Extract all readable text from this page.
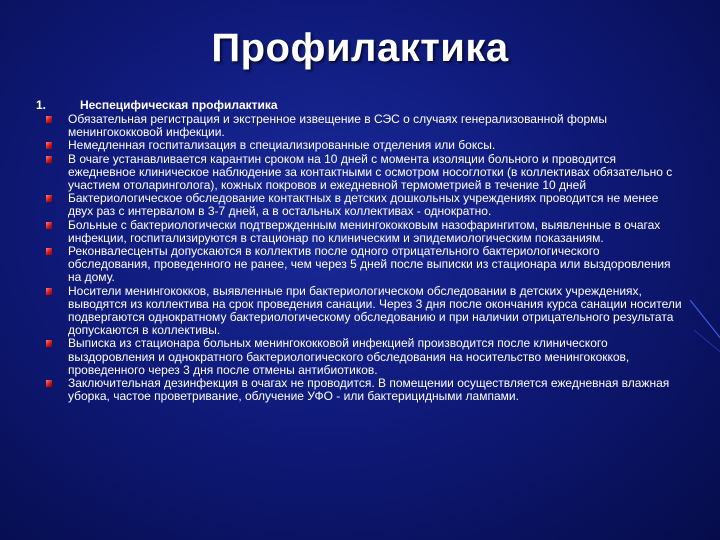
Профилактика
1.	Неспецифическая профилактика
Обязательная регистрация и экстренное извещение в СЭС о случаях генерализованной формы менингококковой инфекции.
Немедленная госпитализация в специализированные отделения или боксы.
В очаге устанавливается карантин сроком на 10 дней с момента изоляции больного и проводится ежедневное клиническое наблюдение за контактными с осмотром носоглотки (в коллективах обязательно с участием отоларинголога), кожных покровов и ежедневной термометрией в течение 10 дней
Бактериологическое обследование контактных в детских дошкольных учреждениях проводится не менее двух раз с интервалом в 3-7 дней, а в остальных коллективах - однократно.
Больные с бактериологически подтвержденным менингококковым назофарингитом, выявленные в очагах инфекции, госпитализируются в стационар по клиническим и эпидемиологическим показаниям.
Реконвалесценты допускаются в коллектив после одного отрицательного бактериологического обследования, проведенного не ранее, чем через 5 дней после выписки из стационара или выздоровления на дому.
Носители менингококков, выявленные при бактериологическом обследовании в детских учреждениях, выводятся из коллектива на срок проведения санации. Через 3 дня после окончания курса санации носители подвергаются однократному бактериологическому обследованию и при наличии отрицательного результата допускаются в коллективы.
Выписка из стационара больных менингококковой инфекцией производится после клинического выздоровления и однократного бактериологического обследования на носительство менингококков, проведенного через 3 дня после отмены антибиотиков.
Заключительная дезинфекция в очагах не проводится. В помещении осуществляется ежедневная влажная уборка, частое проветривание, облучение УФО - или бактерицидными лампами.
